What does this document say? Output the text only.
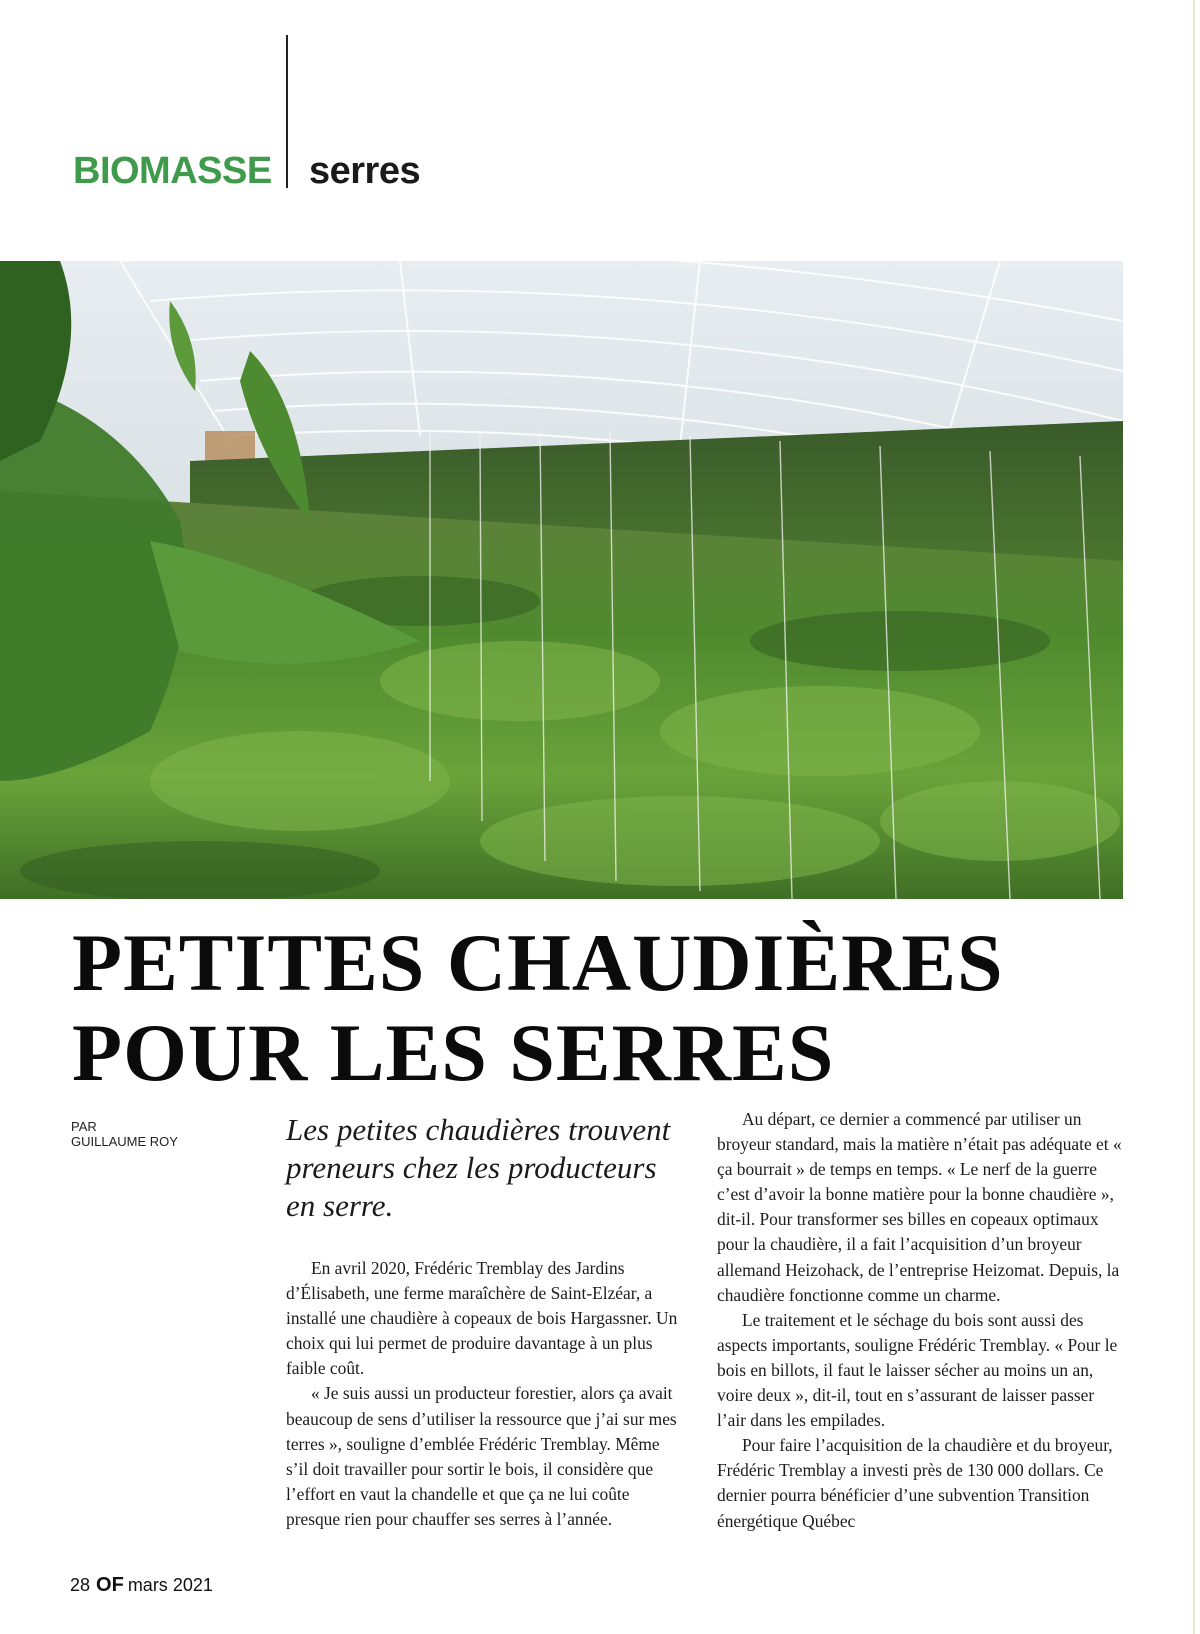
BIOMASSE serres
PETITES CHAUDIÈRES
POUR LES SERRES
PAR
GUILLAUME ROY	Les petites chaudières trouvent preneurs chez les producteurs en serre.

En avril 2020, Frédéric Tremblay des Jardins d’Élisabeth, une ferme maraîchère de Saint-Elzéar, a installé une chaudière à copeaux de bois Hargassner. Un choix qui lui permet de produire davantage à un plus faible coût.

« Je suis aussi un producteur forestier, alors ça avait beaucoup de sens d’utiliser la ressource que j’ai sur mes terres », souligne d’emblée Frédéric Tremblay. Même s’il doit travailler pour sortir le bois, il considère que l’effort en vaut la chandelle et que ça ne lui coûte presque rien pour chauffer ses serres à l’année.

Au départ, ce dernier a commencé par utiliser un broyeur standard, mais la matière n’était pas adéquate et « ça bourrait » de temps en temps. « Le nerf de la guerre c’est d’avoir la bonne matière pour la bonne chaudière », dit-il. Pour transformer ses billes en copeaux optimaux pour la chaudière, il a fait l’acquisition d’un broyeur allemand Heizohack, de l’entreprise Heizomat. Depuis, la chaudière fonctionne comme un charme.

Le traitement et le séchage du bois sont aussi des aspects importants, souligne Frédéric Tremblay. « Pour le bois en billots, il faut le laisser sécher au moins un an, voire deux », dit-il, tout en s’assurant de laisser passer l’air dans les empilades.

Pour faire l’acquisition de la chaudière et du broyeur, Frédéric Tremblay a investi près de 130 000 dollars. Ce dernier pourra bénéficier d’une subvention Transition énergétique Québec

28 OF mars 2021
